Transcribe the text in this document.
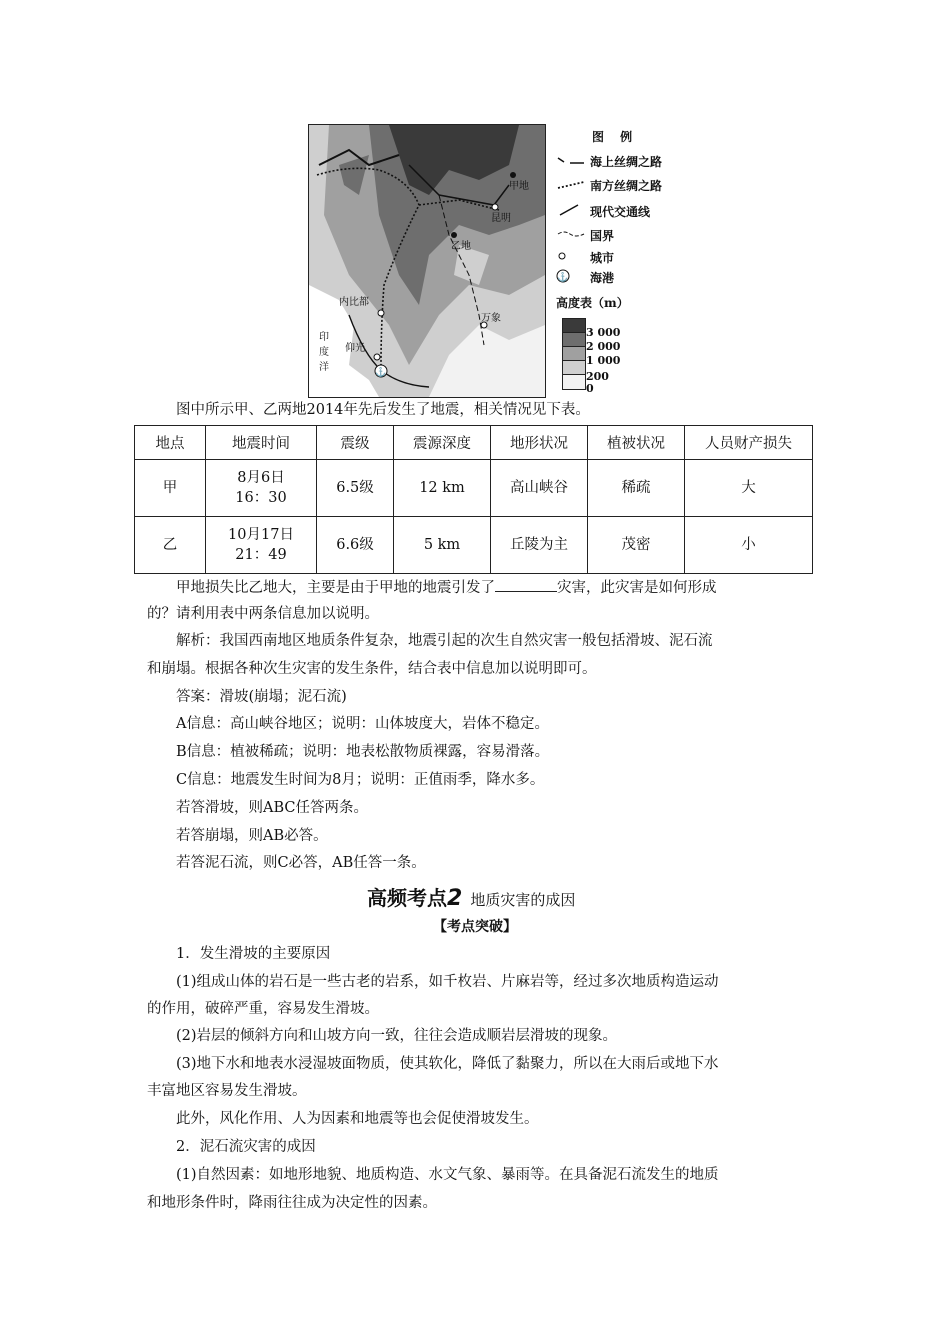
⚓
甲地
昆明
乙地
内比都
仰光
万象
印
度
洋
图 例
海上丝绸之路
南方丝绸之路
现代交通线
国界
城市
⚓ 海港
高度表（m）
3 000
2 000
1 000
200
0
图中所示甲、乙两地2014年先后发生了地震，相关情况见下表。
地点	地震时间	震级	震源深度	地形状况	植被状况	人员财产损失
甲	8月6日
16：30	6.5级	12 km	高山峡谷	稀疏	大
乙	10月17日
21：49	6.6级	5 km	丘陵为主	茂密	小
甲地损失比乙地大，主要是由于甲地的地震引发了	灾害，此灾害是如何形成
的？请利用表中两条信息加以说明。
解析：我国西南地区地质条件复杂，地震引起的次生自然灾害一般包括滑坡、泥石流
和崩塌。根据各种次生灾害的发生条件，结合表中信息加以说明即可。
答案：滑坡(崩塌；泥石流)
A信息：高山峡谷地区；说明：山体坡度大，岩体不稳定。
B信息：植被稀疏；说明：地表松散物质裸露，容易滑落。
C信息：地震发生时间为8月；说明：正值雨季，降水多。
若答滑坡，则ABC任答两条。
若答崩塌，则AB必答。
若答泥石流，则C必答，AB任答一条。
高频考点2 地质灾害的成因
【考点突破】
1．发生滑坡的主要原因
(1)组成山体的岩石是一些古老的岩系，如千枚岩、片麻岩等，经过多次地质构造运动
的作用，破碎严重，容易发生滑坡。
(2)岩层的倾斜方向和山坡方向一致，往往会造成顺岩层滑坡的现象。
(3)地下水和地表水浸湿坡面物质，使其软化，降低了黏聚力，所以在大雨后或地下水
丰富地区容易发生滑坡。
此外，风化作用、人为因素和地震等也会促使滑坡发生。
2．泥石流灾害的成因
(1)自然因素：如地形地貌、地质构造、水文气象、暴雨等。在具备泥石流发生的地质
和地形条件时，降雨往往成为决定性的因素。
